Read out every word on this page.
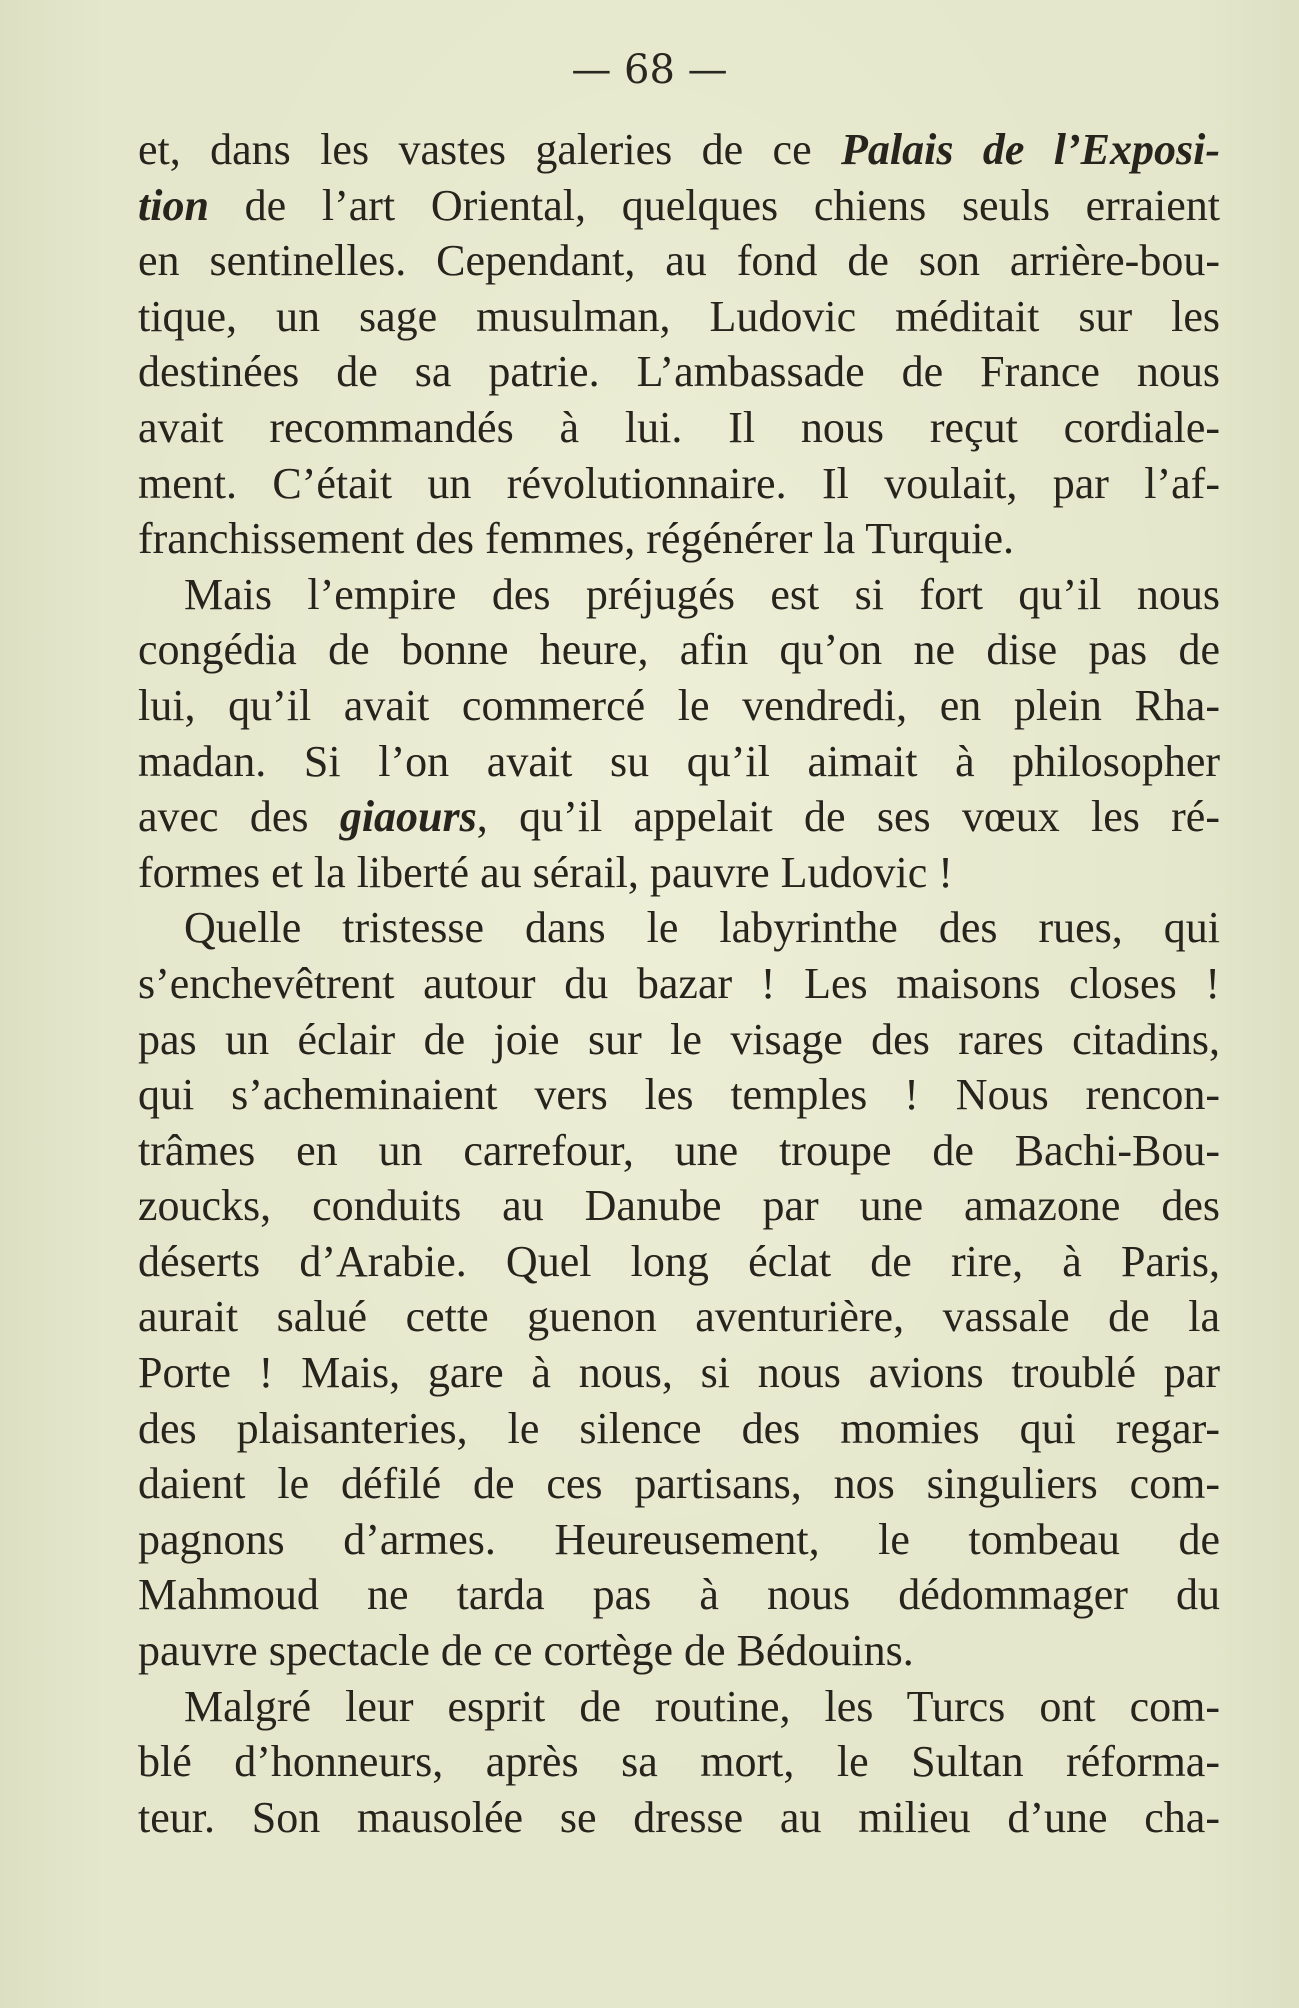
— 68 —
et, dans les vastes galeries de ce Palais de l’Exposi-
tion de l’art Oriental, quelques chiens seuls erraient
en sentinelles. Cependant, au fond de son arrière-bou-
tique, un sage musulman, Ludovic méditait sur les
destinées de sa patrie. L’ambassade de France nous
avait recommandés à lui. Il nous reçut cordiale-
ment. C’était un révolutionnaire. Il voulait, par l’af-
franchissement des femmes, régénérer la Turquie.
Mais l’empire des préjugés est si fort qu’il nous
congédia de bonne heure, afin qu’on ne dise pas de
lui, qu’il avait commercé le vendredi, en plein Rha-
madan. Si l’on avait su qu’il aimait à philosopher
avec des giaours, qu’il appelait de ses vœux les ré-
formes et la liberté au sérail, pauvre Ludovic !
Quelle tristesse dans le labyrinthe des rues, qui
s’enchevêtrent autour du bazar ! Les maisons closes !
pas un éclair de joie sur le visage des rares citadins,
qui s’acheminaient vers les temples ! Nous rencon-
trâmes en un carrefour, une troupe de Bachi-Bou-
zoucks, conduits au Danube par une amazone des
déserts d’Arabie. Quel long éclat de rire, à Paris,
aurait salué cette guenon aventurière, vassale de la
Porte ! Mais, gare à nous, si nous avions troublé par
des plaisanteries, le silence des momies qui regar-
daient le défilé de ces partisans, nos singuliers com-
pagnons d’armes. Heureusement, le tombeau de
Mahmoud ne tarda pas à nous dédommager du
pauvre spectacle de ce cortège de Bédouins.
Malgré leur esprit de routine, les Turcs ont com-
blé d’honneurs, après sa mort, le Sultan réforma-
teur. Son mausolée se dresse au milieu d’une cha-
